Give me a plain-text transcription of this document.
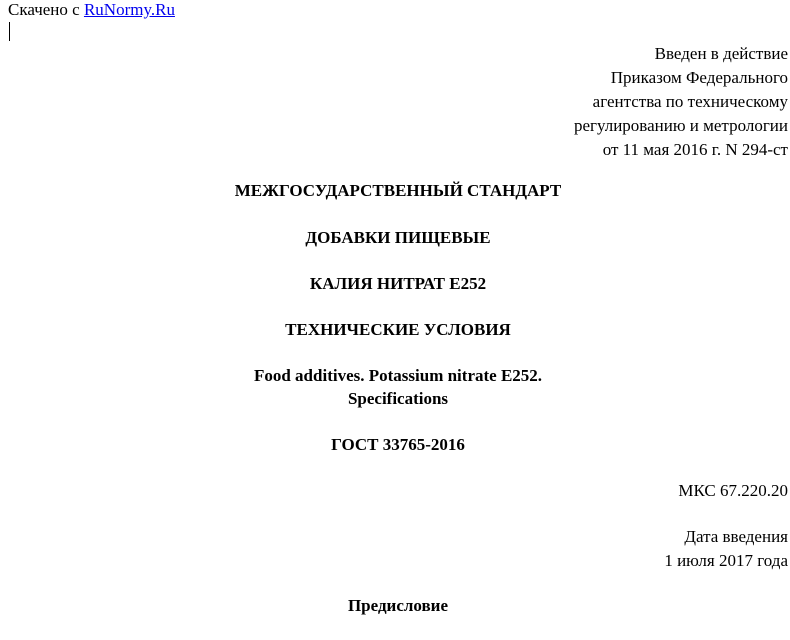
Скачено с RuNormy.Ru

Введен в действие
Приказом Федерального
агентства по техническому
регулированию и метрологии
от 11 мая 2016 г. N 294-ст

МЕЖГОСУДАРСТВЕННЫЙ СТАНДАРТ

ДОБАВКИ ПИЩЕВЫЕ

КАЛИЯ НИТРАТ E252

ТЕХНИЧЕСКИЕ УСЛОВИЯ

Food additives. Potassium nitrate E252.

Specifications

ГОСТ 33765-2016

МКС 67.220.20

Дата введения
1 июля 2017 года

Предисловие
